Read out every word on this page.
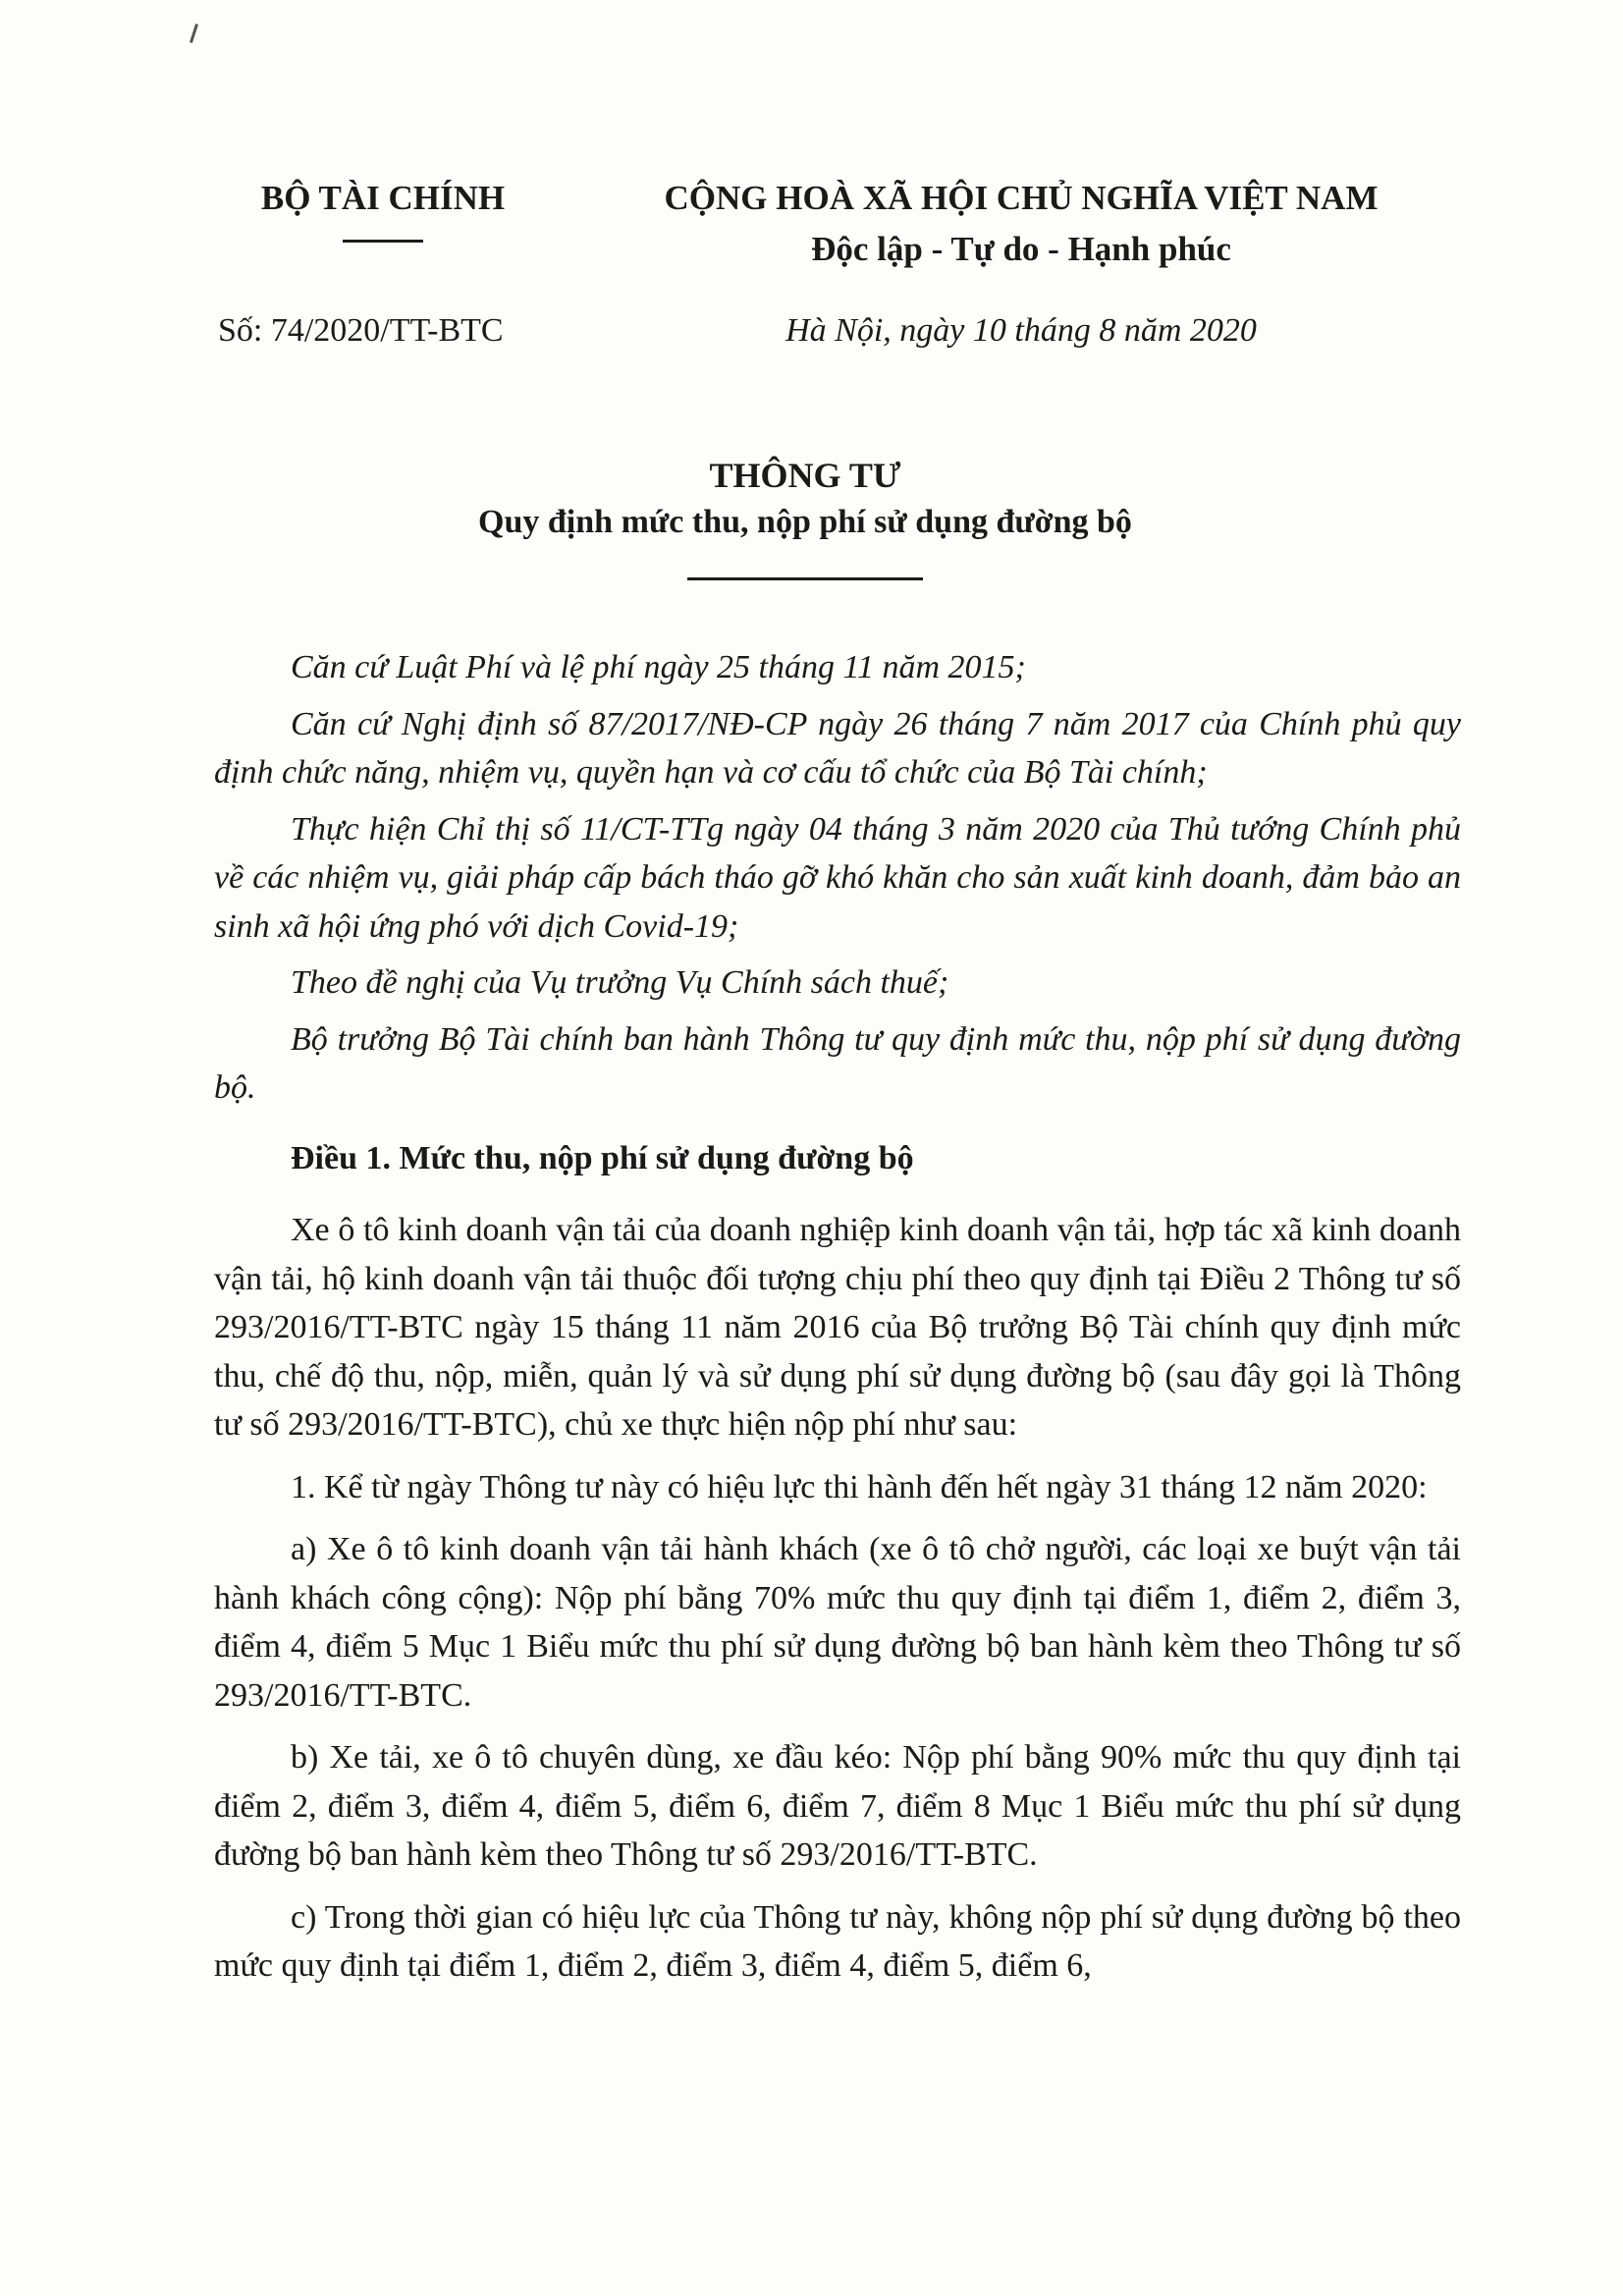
BỘ TÀI CHÍNH	CỘNG HOÀ XÃ HỘI CHỦ NGHĨA VIỆT NAM
Độc lập - Tự do - Hạnh phúc
Số: 74/2020/TT-BTC	Hà Nội, ngày 10 tháng 8 năm 2020
THÔNG TƯ
Quy định mức thu, nộp phí sử dụng đường bộ

Căn cứ Luật Phí và lệ phí ngày 25 tháng 11 năm 2015;

Căn cứ Nghị định số 87/2017/NĐ-CP ngày 26 tháng 7 năm 2017 của Chính phủ quy định chức năng, nhiệm vụ, quyền hạn và cơ cấu tổ chức của Bộ Tài chính;

Thực hiện Chỉ thị số 11/CT-TTg ngày 04 tháng 3 năm 2020 của Thủ tướng Chính phủ về các nhiệm vụ, giải pháp cấp bách tháo gỡ khó khăn cho sản xuất kinh doanh, đảm bảo an sinh xã hội ứng phó với dịch Covid-19;

Theo đề nghị của Vụ trưởng Vụ Chính sách thuế;

Bộ trưởng Bộ Tài chính ban hành Thông tư quy định mức thu, nộp phí sử dụng đường bộ.

Điều 1. Mức thu, nộp phí sử dụng đường bộ

Xe ô tô kinh doanh vận tải của doanh nghiệp kinh doanh vận tải, hợp tác xã kinh doanh vận tải, hộ kinh doanh vận tải thuộc đối tượng chịu phí theo quy định tại Điều 2 Thông tư số 293/2016/TT-BTC ngày 15 tháng 11 năm 2016 của Bộ trưởng Bộ Tài chính quy định mức thu, chế độ thu, nộp, miễn, quản lý và sử dụng phí sử dụng đường bộ (sau đây gọi là Thông tư số 293/2016/TT-BTC), chủ xe thực hiện nộp phí như sau:

1. Kể từ ngày Thông tư này có hiệu lực thi hành đến hết ngày 31 tháng 12 năm 2020:

a) Xe ô tô kinh doanh vận tải hành khách (xe ô tô chở người, các loại xe buýt vận tải hành khách công cộng): Nộp phí bằng 70% mức thu quy định tại điểm 1, điểm 2, điểm 3, điểm 4, điểm 5 Mục 1 Biểu mức thu phí sử dụng đường bộ ban hành kèm theo Thông tư số 293/2016/TT-BTC.

b) Xe tải, xe ô tô chuyên dùng, xe đầu kéo: Nộp phí bằng 90% mức thu quy định tại điểm 2, điểm 3, điểm 4, điểm 5, điểm 6, điểm 7, điểm 8 Mục 1 Biểu mức thu phí sử dụng đường bộ ban hành kèm theo Thông tư số 293/2016/TT-BTC.

c) Trong thời gian có hiệu lực của Thông tư này, không nộp phí sử dụng đường bộ theo mức quy định tại điểm 1, điểm 2, điểm 3, điểm 4, điểm 5, điểm 6,
